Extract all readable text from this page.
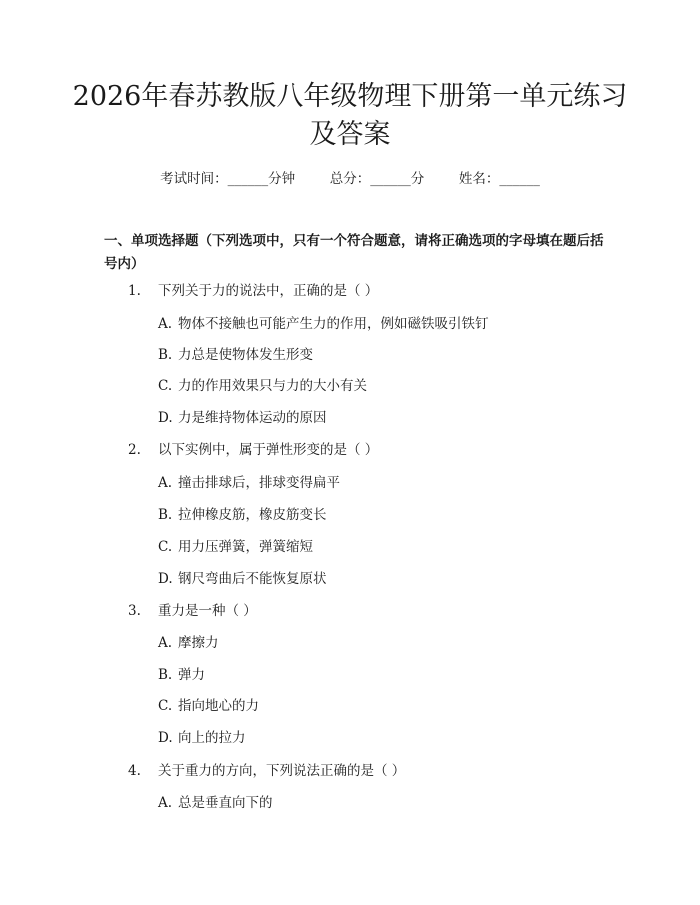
2026年春苏教版八年级物理下册第一单元练习及答案
考试时间：______分钟	总分：______分	姓名：______
一、单项选择题（下列选项中，只有一个符合题意，请将正确选项的字母填在题后括号内）
1. 下列关于力的说法中，正确的是（ ）
A. 物体不接触也可能产生力的作用，例如磁铁吸引铁钉
B. 力总是使物体发生形变
C. 力的作用效果只与力的大小有关
D. 力是维持物体运动的原因
2. 以下实例中，属于弹性形变的是（ ）
A. 撞击排球后，排球变得扁平
B. 拉伸橡皮筋，橡皮筋变长
C. 用力压弹簧，弹簧缩短
D. 钢尺弯曲后不能恢复原状
3. 重力是一种（ ）
A. 摩擦力
B. 弹力
C. 指向地心的力
D. 向上的拉力
4. 关于重力的方向，下列说法正确的是（ ）
A. 总是垂直向下的
